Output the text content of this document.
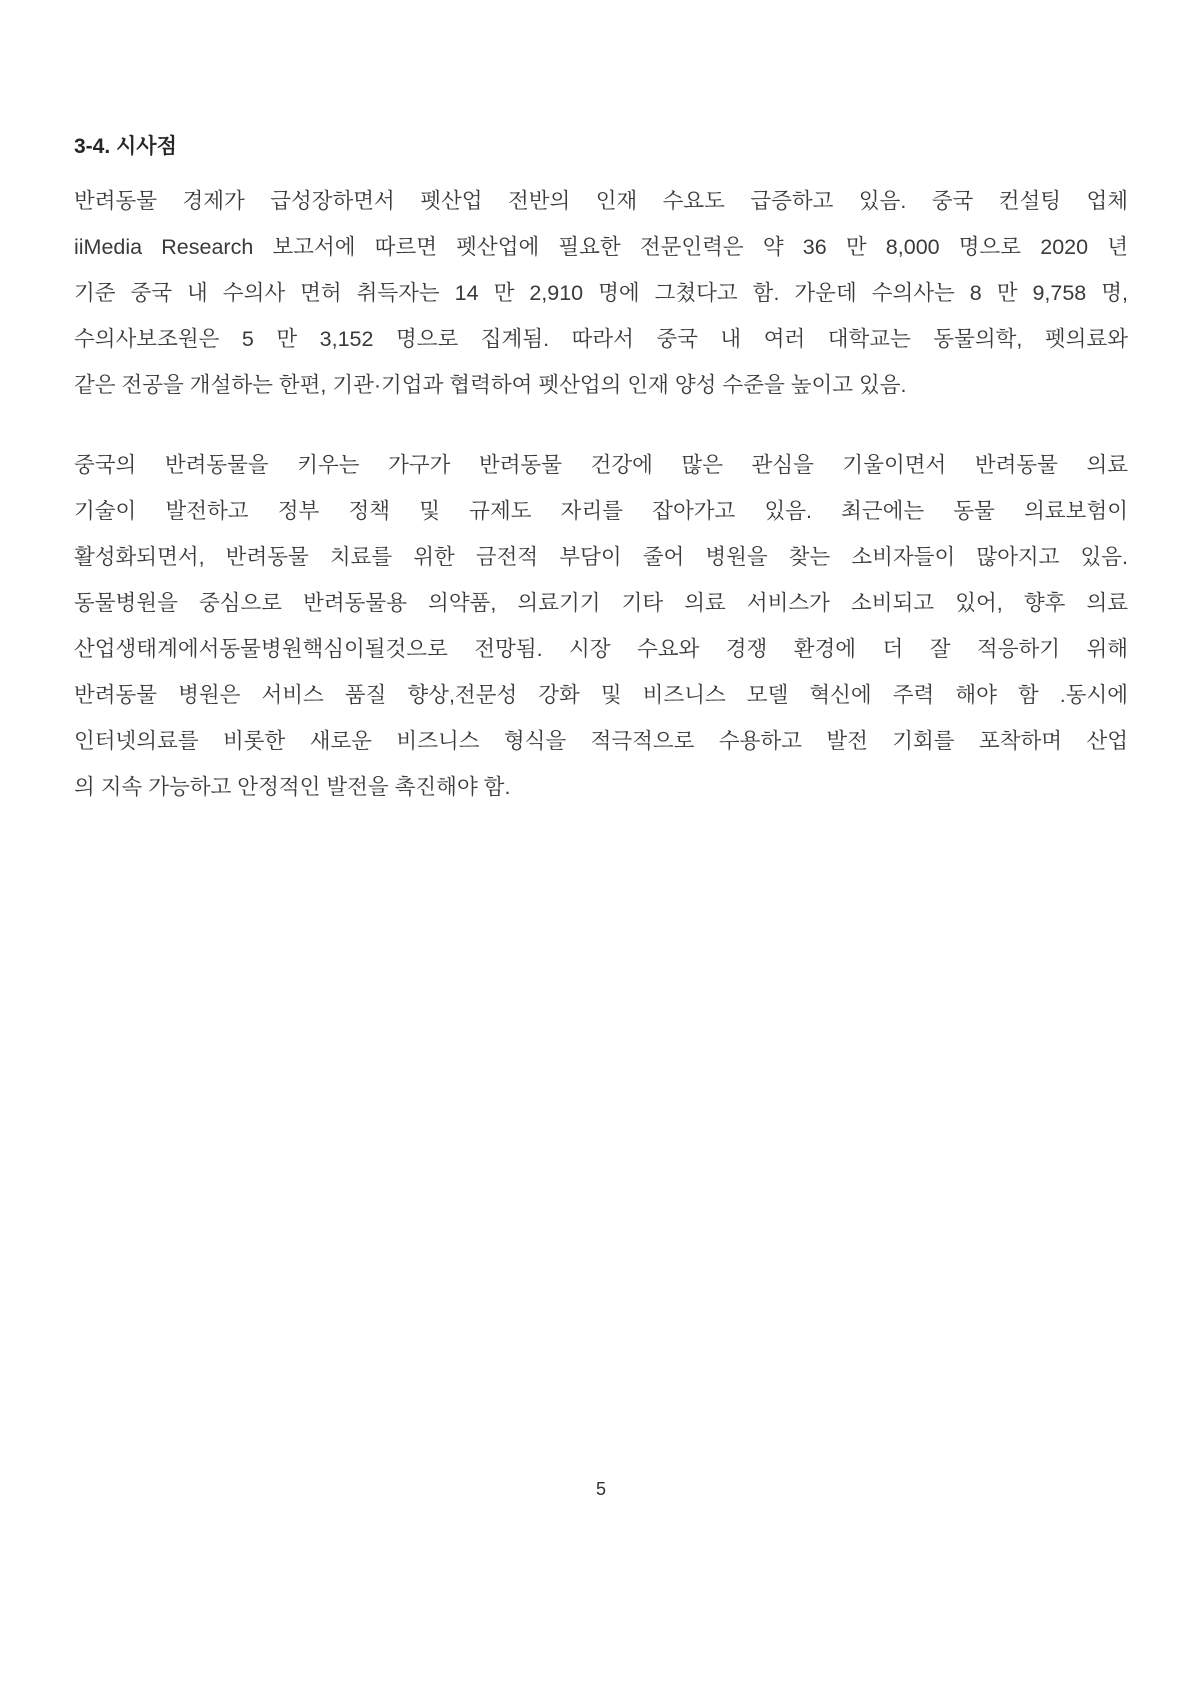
3-4. 시사점
반려동물 경제가 급성장하면서 펫산업 전반의 인재 수요도 급증하고 있음. 중국 컨설팅 업체
iiMedia Research 보고서에 따르면 펫산업에 필요한 전문인력은 약 36 만 8,000 명으로 2020 년
기준 중국 내 수의사 면허 취득자는 14 만 2,910 명에 그쳤다고 함. 가운데 수의사는 8 만 9,758 명,
수의사보조원은 5 만 3,152 명으로 집계됨. 따라서 중국 내 여러 대학교는 동물의학, 펫의료와
같은 전공을 개설하는 한편, 기관·기업과 협력하여 펫산업의 인재 양성 수준을 높이고 있음.
중국의 반려동물을 키우는 가구가 반려동물 건강에 많은 관심을 기울이면서 반려동물 의료
기술이 발전하고 정부 정책 및 규제도 자리를 잡아가고 있음. 최근에는 동물 의료보험이
활성화되면서, 반려동물 치료를 위한 금전적 부담이 줄어 병원을 찾는 소비자들이 많아지고 있음.
동물병원을 중심으로 반려동물용 의약품, 의료기기 기타 의료 서비스가 소비되고 있어, 향후 의료
산업생태계에서동물병원핵심이될것으로 전망됨. 시장 수요와 경쟁 환경에 더 잘 적응하기 위해
반려동물 병원은 서비스 품질 향상,전문성 강화 및 비즈니스 모델 혁신에 주력 해야 함 .동시에
인터넷의료를 비롯한 새로운 비즈니스 형식을 적극적으로 수용하고 발전 기회를 포착하며 산업
의 지속 가능하고 안정적인 발전을 촉진해야 함.
5
